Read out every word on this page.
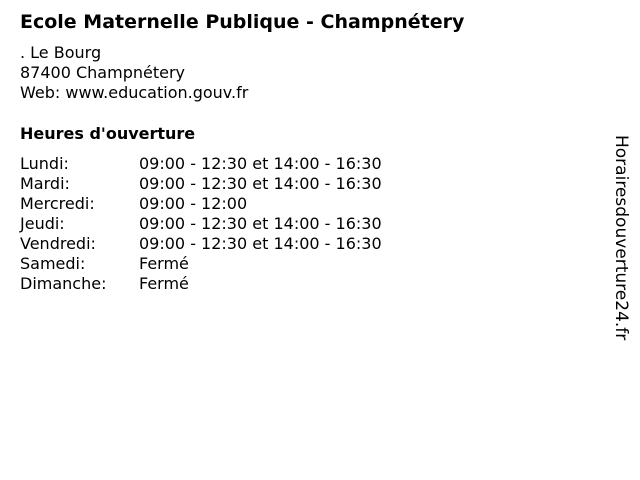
Ecole Maternelle Publique - Champnétery
. Le Bourg
87400 Champnétery
Web: www.education.gouv.fr
Heures d'ouverture
Lundi:	09:00 - 12:30 et 14:00 - 16:30
Mardi:	09:00 - 12:30 et 14:00 - 16:30
Mercredi:	09:00 - 12:00
Jeudi:	09:00 - 12:30 et 14:00 - 16:30
Vendredi:	09:00 - 12:30 et 14:00 - 16:30
Samedi:	Fermé
Dimanche:	Fermé	Horairesdouverture24.fr
